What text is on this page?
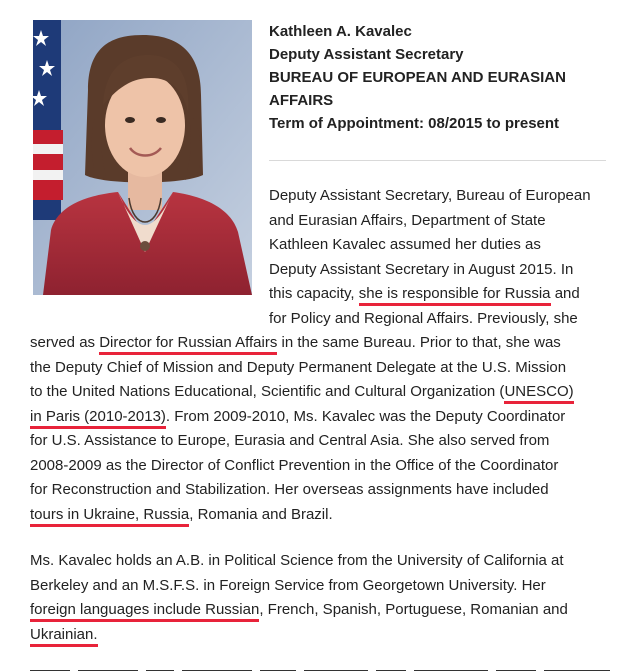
Kathleen A. Kavalec
Deputy Assistant Secretary
BUREAU OF EUROPEAN AND EURASIAN
AFFAIRS
Term of Appointment: 08/2015 to present
Deputy Assistant Secretary, Bureau of European
and Eurasian Affairs, Department of State
Kathleen Kavalec assumed her duties as
Deputy Assistant Secretary in August 2015. In
this capacity, she is responsible for Russia and
for Policy and Regional Affairs. Previously, she
served as Director for Russian Affairs in the same Bureau. Prior to that, she was
the Deputy Chief of Mission and Deputy Permanent Delegate at the U.S. Mission
to the United Nations Educational, Scientific and Cultural Organization (UNESCO)
in Paris (2010-2013). From 2009-2010, Ms. Kavalec was the Deputy Coordinator
for U.S. Assistance to Europe, Eurasia and Central Asia. She also served from
2008-2009 as the Director of Conflict Prevention in the Office of the Coordinator
for Reconstruction and Stabilization. Her overseas assignments have included
tours in Ukraine, Russia, Romania and Brazil.
Ms. Kavalec holds an A.B. in Political Science from the University of California at
Berkeley and an M.S.F.S. in Foreign Service from Georgetown University. Her
foreign languages include Russian, French, Spanish, Portuguese, Romanian and
Ukrainian.
